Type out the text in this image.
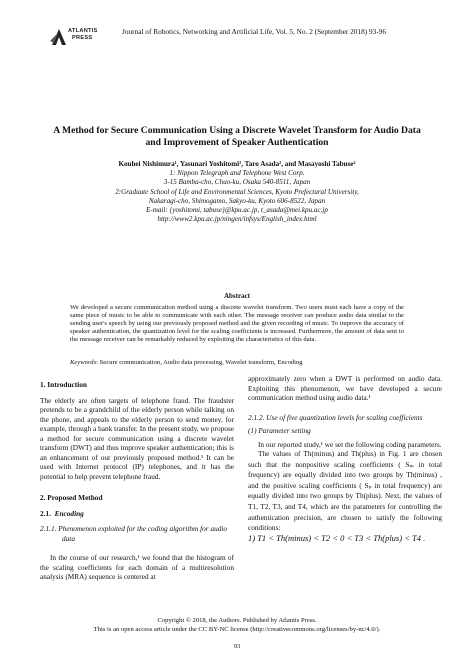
ATLANTIS
PRESS
Journal of Robotics, Networking and Artificial Life, Vol. 5, No. 2 (September 2018) 93-96
A Method for Secure Communication Using a Discrete Wavelet Transform for Audio Data
and Improvement of Speaker Authentication
Kouhei Nishimura¹, Yasunari Yoshitomi², Taro Asada², and Masayoshi Tabuse²
1: Nippon Telegraph and Telephone West Corp.
3-15 Bamba-cho, Chuo-ku, Osaka 540-8511, Japan
2:Graduate School of Life and Environmental Sciences, Kyoto Prefectural University,
Nakaragi-cho, Shimogamo, Sakyo-ku, Kyoto 606-8522, Japan
E-mail: {yoshitomi, tabuse}@kpu.ac.jp, t_asada@mei.kpu.ac.jp
http://www2.kpu.ac.jp/ningen/infsys/English_index.html
Abstract
We developed a secure communication method using a discrete wavelet transform. Two users must each have a copy of the same piece of music to be able to communicate with each other. The message receiver can produce audio data similar to the sending user's speech by using our previously proposed method and the given recording of music. To improve the accuracy of speaker authentication, the quantization level for the scaling coefficients is increased. Furthermore, the amount of data sent to the message receiver can be remarkably reduced by exploiting the characteristics of this data.
Keywords: Secure communication, Audio data processing, Wavelet transform, Encoding

1. Introduction

The elderly are often targets of telephone fraud. The fraudster pretends to be a grandchild of the elderly person while talking on the phone, and appeals to the elderly person to send money, for example, through a bank transfer. In the present study, we propose a method for secure communication using a discrete wavelet transform (DWT) and thus improve speaker authentication; this is an enhancement of our previously proposed method.¹ It can be used with Internet protocol (IP) telephones, and it has the potential to help prevent telephone fraud.

2. Proposed Method

2.1. Encoding

2.1.1. Phenomenon exploited for the coding algorithm for audio data

In the course of our research,¹ we found that the histogram of the scaling coefficients for each domain of a multiresolution analysis (MRA) sequence is centered at

approximately zero when a DWT is performed on audio data. Exploiting this phenomenon, we have developed a secure communication method using audio data.¹

2.1.2. Use of five quantization levels for scaling coefficients

(1) Parameter setting

In our reported study,¹ we set the following coding parameters.

The values of Th(minus) and Th(plus) in Fig. 1 are chosen such that the nonpositive scaling coefficients ( Sₘ in total frequency) are equally divided into two groups by Th(minus) , and the positive scaling coefficients ( Sₚ in total frequency) are equally divided into two groups by Th(plus). Next, the values of T1, T2, T3, and T4, which are the parameters for controlling the authentication precision, are chosen to satisfy the following conditions:

1) T1 < Th(minus) < T2 < 0 < T3 < Th(plus) < T4 .

Copyright © 2018, the Authors. Published by Atlantis Press.
This is an open access article under the CC BY-NC license (http://creativecommons.org/licenses/by-nc/4.0/).
93
